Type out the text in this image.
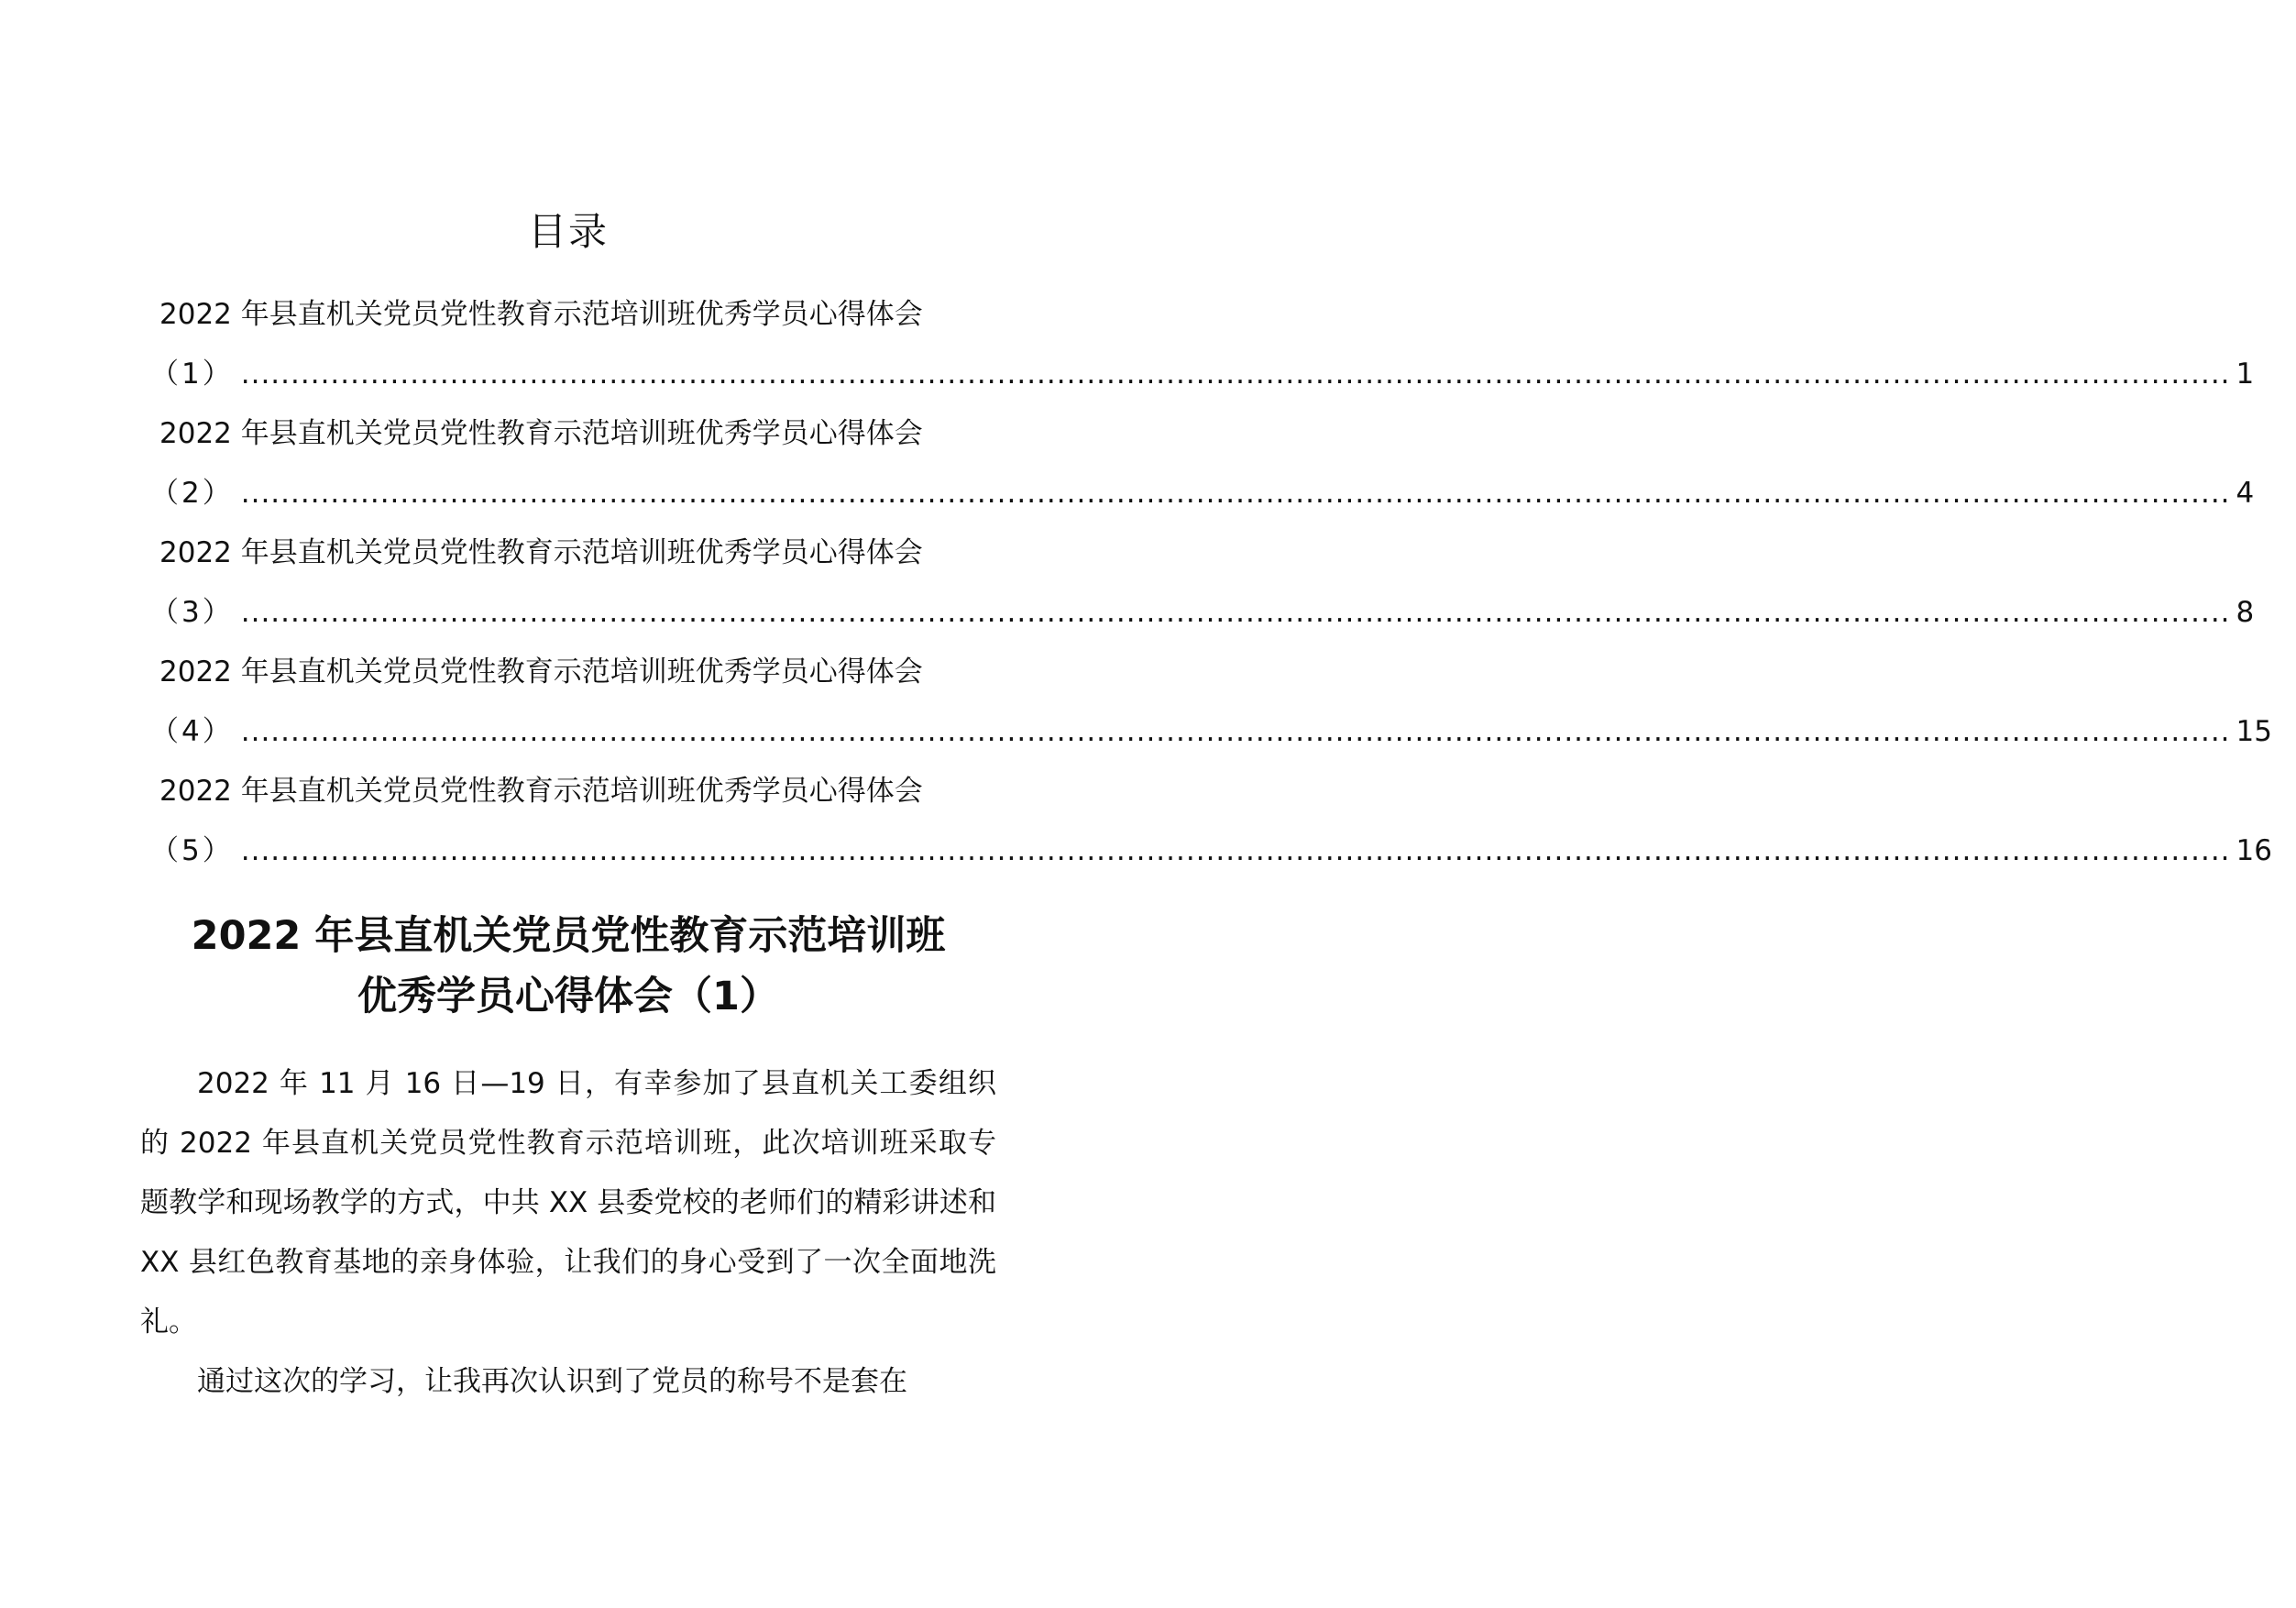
目录
2022 年县直机关党员党性教育示范培训班优秀学员心得体会
（1） ........................................................................................................................................................................................................ 1
2022 年县直机关党员党性教育示范培训班优秀学员心得体会
（2） ........................................................................................................................................................................................................ 4
2022 年县直机关党员党性教育示范培训班优秀学员心得体会
（3） ........................................................................................................................................................................................................ 8
2022 年县直机关党员党性教育示范培训班优秀学员心得体会
（4） ........................................................................................................................................................................................................ 15
2022 年县直机关党员党性教育示范培训班优秀学员心得体会
（5） ........................................................................................................................................................................................................ 16
2022 年县直机关党员党性教育示范培训班
优秀学员心得体会（1）

2022 年 11 月 16 日—19 日，有幸参加了县直机关工委组织的 2022 年县直机关党员党性教育示范培训班，此次培训班采取专题教学和现场教学的方式，中共 XX 县委党校的老师们的精彩讲述和 XX 县红色教育基地的亲身体验，让我们的身心受到了一次全面地洗礼。

通过这次的学习，让我再次认识到了党员的称号不是套在
